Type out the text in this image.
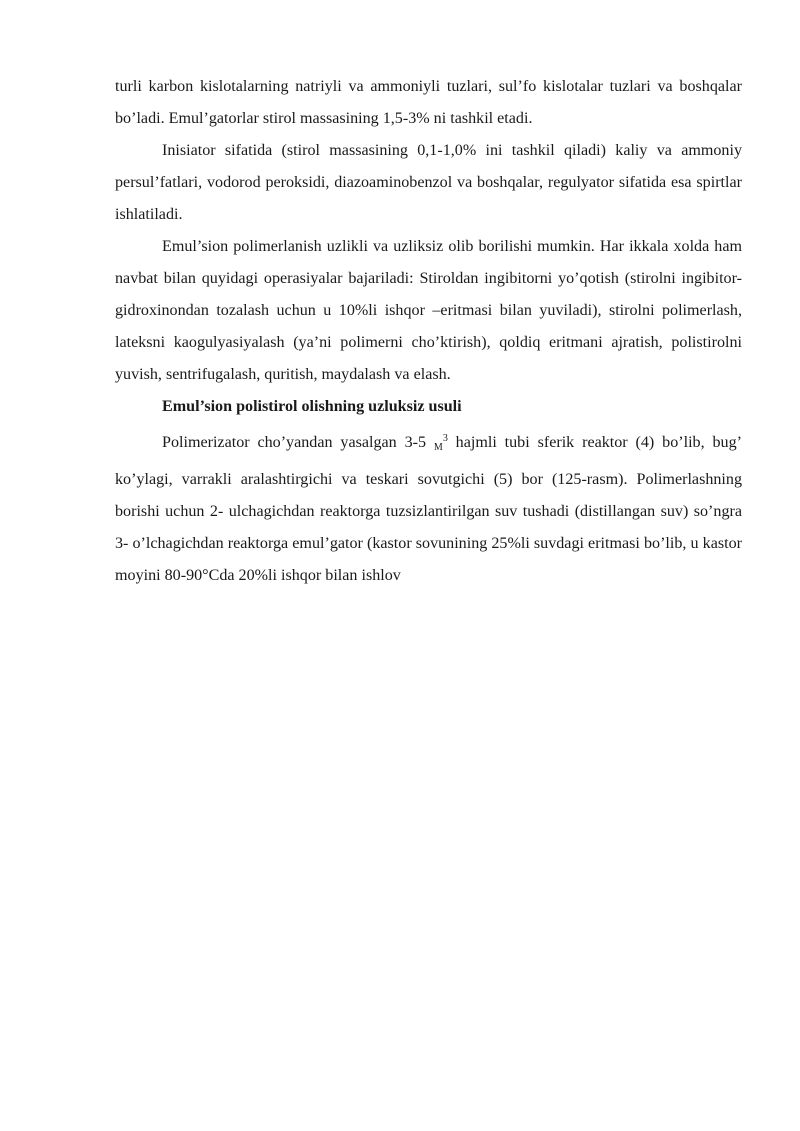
turli karbon kislotalarning natriyli va ammoniyli tuzlari, sul’fo kislotalar tuzlari va boshqalar bo’ladi. Emul’gatorlar stirol massasining 1,5-3% ni tashkil etadi.

Inisiator sifatida (stirol massasining 0,1-1,0% ini tashkil qiladi) kaliy va ammoniy persul’fatlari, vodorod peroksidi, diazoaminobenzol va boshqalar, regulyator sifatida esa spirtlar ishlatiladi.

Emul’sion polimerlanish uzlikli va uzliksiz olib borilishi mumkin. Har ikkala xolda ham navbat bilan quyidagi operasiyalar bajariladi: Stiroldan ingibitorni yo’qotish (stirolni ingibitor-gidroxinondan tozalash uchun u 10%li ishqor –eritmasi bilan yuviladi), stirolni polimerlash, lateksni kaogulyasiyalash (ya’ni polimerni cho’ktirish), qoldiq eritmani ajratish, polistirolni yuvish, sentrifugalash, quritish, maydalash va elash.

Emul’sion polistirol olishning uzluksiz usuli

Polimerizator cho’yandan yasalgan 3-5 $_М^3$ hajmli tubi sferik reaktor (4) bo’lib, bug’ ko’ylagi, varrakli aralashtirgichi va teskari sovutgichi (5) bor (125-rasm). Polimerlashning borishi uchun 2- ulchagichdan reaktorga tuzsizlantirilgan suv tushadi (distillangan suv) so’ngra 3- o’lchagichdan reaktorga emul’gator (kastor sovunining 25%li suvdagi eritmasi bo’lib, u kastor moyini 80-90°Cda 20%li ishqor bilan ishlov
